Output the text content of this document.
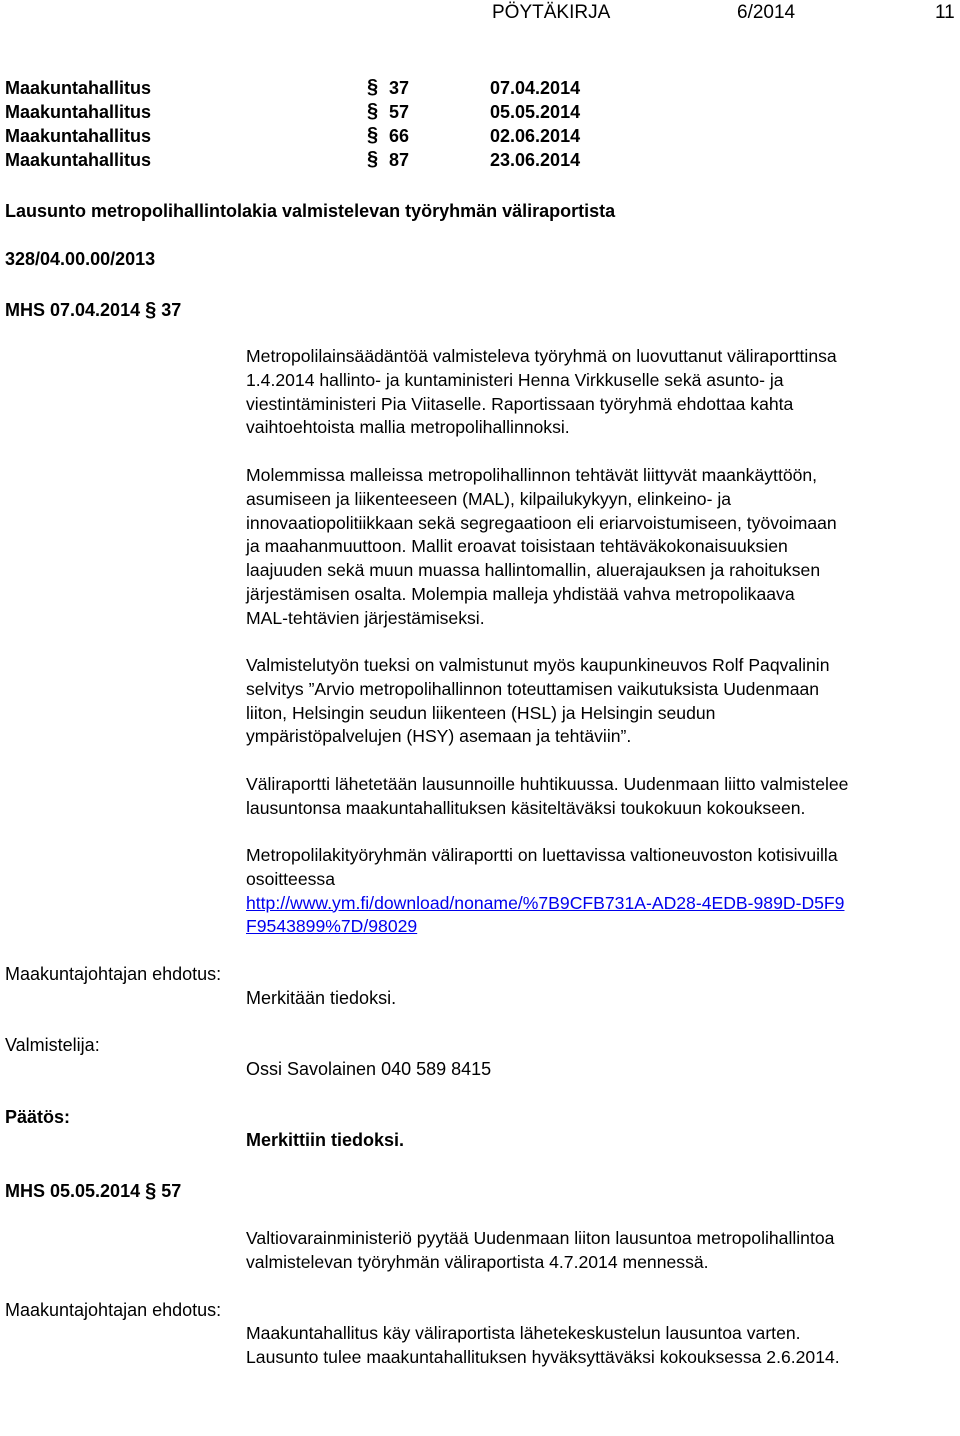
PÖYTÄKIRJA	6/2014	11
Maakuntahallitus	§ 37	07.04.2014
Maakuntahallitus	§ 57	05.05.2014
Maakuntahallitus	§ 66	02.06.2014
Maakuntahallitus	§ 87	23.06.2014
Lausunto metropolihallintolakia valmistelevan työryhmän väliraportista
328/04.00.00/2013
MHS 07.04.2014 § 37
Metropolilainsäädäntöä valmisteleva työryhmä on luovuttanut väliraporttinsa
1.4.2014 hallinto- ja kuntaministeri Henna Virkkuselle sekä asunto- ja
viestintäministeri Pia Viitaselle. Raportissaan työryhmä ehdottaa kahta
vaihtoehtoista mallia metropolihallinnoksi.
Molemmissa malleissa metropolihallinnon tehtävät liittyvät maankäyttöön,
asumiseen ja liikenteeseen (MAL), kilpailukykyyn, elinkeino- ja
innovaatiopolitiikkaan sekä segregaatioon eli eriarvoistumiseen, työvoimaan
ja maahanmuuttoon. Mallit eroavat toisistaan tehtäväkokonaisuuksien
laajuuden sekä muun muassa hallintomallin, aluerajauksen ja rahoituksen
järjestämisen osalta. Molempia malleja yhdistää vahva metropolikaava
MAL-tehtävien järjestämiseksi.
Valmistelutyön tueksi on valmistunut myös kaupunkineuvos Rolf Paqvalinin
selvitys ”Arvio metropolihallinnon toteuttamisen vaikutuksista Uudenmaan
liiton, Helsingin seudun liikenteen (HSL) ja Helsingin seudun
ympäristöpalvelujen (HSY) asemaan ja tehtäviin”.
Väliraportti lähetetään lausunnoille huhtikuussa. Uudenmaan liitto valmistelee
lausuntonsa maakuntahallituksen käsiteltäväksi toukokuun kokoukseen.
Metropolilakityöryhmän väliraportti on luettavissa valtioneuvoston kotisivuilla
osoitteessa
http://www.ym.fi/download/noname/%7B9CFB731A-AD28-4EDB-989D-D5F9
F9543899%7D/98029
Maakuntajohtajan ehdotus:
Merkitään tiedoksi.
Valmistelija:
Ossi Savolainen 040 589 8415
Päätös:
Merkittiin tiedoksi.
MHS 05.05.2014 § 57
Valtiovarainministeriö pyytää Uudenmaan liiton lausuntoa metropolihallintoa
valmistelevan työryhmän väliraportista 4.7.2014 mennessä.
Maakuntajohtajan ehdotus:
Maakuntahallitus käy väliraportista lähetekeskustelun lausuntoa varten.
Lausunto tulee maakuntahallituksen hyväksyttäväksi kokouksessa 2.6.2014.
